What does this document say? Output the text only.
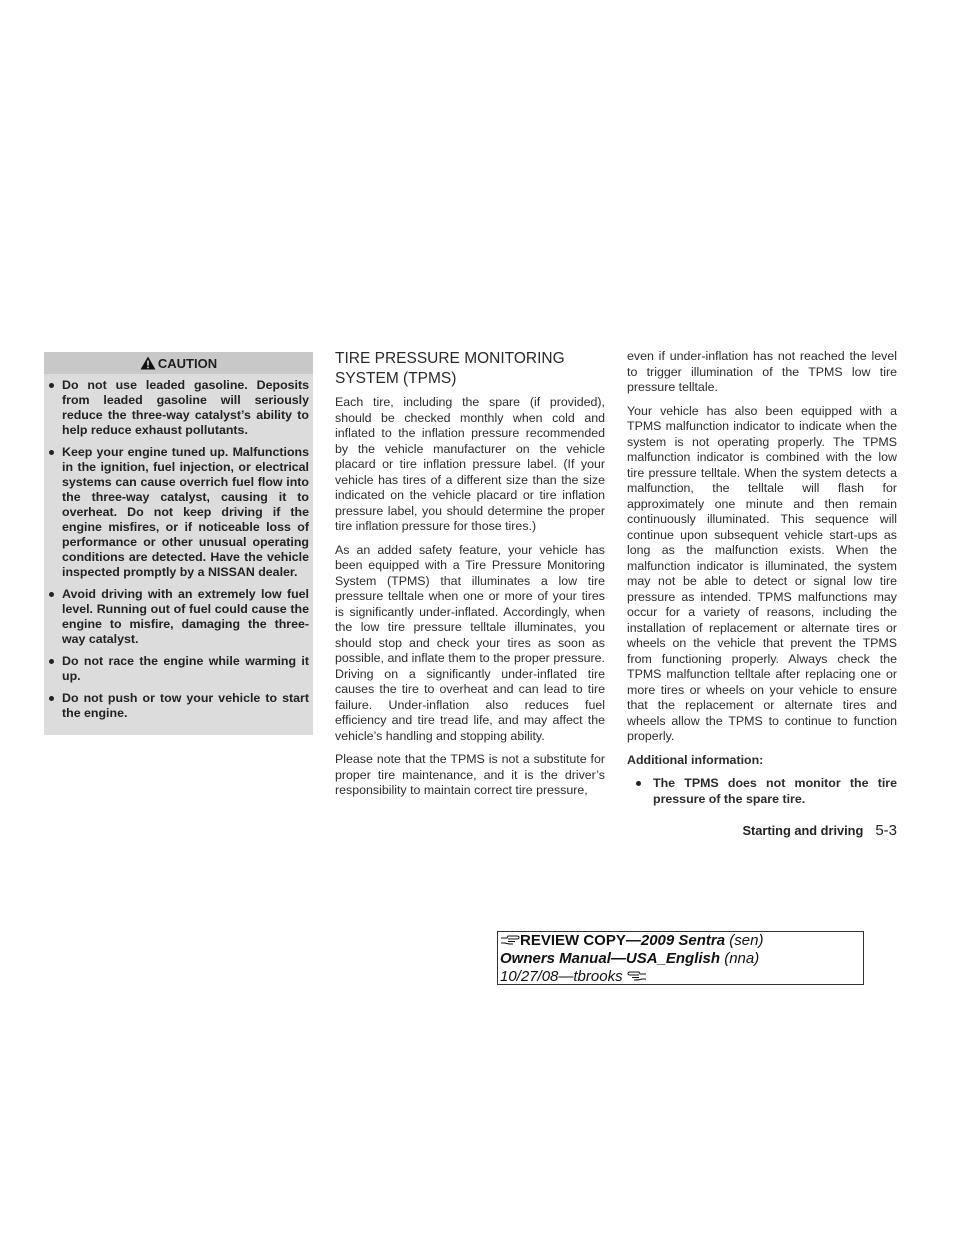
CAUTION
Do not use leaded gasoline. Deposits from leaded gasoline will seriously reduce the three-way catalyst’s ability to help reduce exhaust pollutants.
Keep your engine tuned up. Malfunctions in the ignition, fuel injection, or electrical systems can cause overrich fuel flow into the three-way catalyst, causing it to overheat. Do not keep driving if the engine misfires, or if noticeable loss of performance or other unusual operating conditions are detected. Have the vehicle inspected promptly by a NISSAN dealer.
Avoid driving with an extremely low fuel level. Running out of fuel could cause the engine to misfire, damaging the three-way catalyst.
Do not race the engine while warming it up.
Do not push or tow your vehicle to start the engine.
TIRE PRESSURE MONITORING SYSTEM (TPMS)

Each tire, including the spare (if provided), should be checked monthly when cold and inflated to the inflation pressure recommended by the vehicle manufacturer on the vehicle placard or tire inflation pressure label. (If your vehicle has tires of a different size than the size indicated on the vehicle placard or tire inflation pressure label, you should determine the proper tire inflation pressure for those tires.)

As an added safety feature, your vehicle has been equipped with a Tire Pressure Monitoring System (TPMS) that illuminates a low tire pressure telltale when one or more of your tires is significantly under-inflated. Accordingly, when the low tire pressure telltale illuminates, you should stop and check your tires as soon as possible, and inflate them to the proper pressure. Driving on a significantly under-inflated tire causes the tire to overheat and can lead to tire failure. Under-inflation also reduces fuel efficiency and tire tread life, and may affect the vehicle’s handling and stopping ability.

Please note that the TPMS is not a substitute for proper tire maintenance, and it is the driver’s responsibility to maintain correct tire pressure,

even if under-inflation has not reached the level to trigger illumination of the TPMS low tire pressure telltale.

Your vehicle has also been equipped with a TPMS malfunction indicator to indicate when the system is not operating properly. The TPMS malfunction indicator is combined with the low tire pressure telltale. When the system detects a malfunction, the telltale will flash for approximately one minute and then remain continuously illuminated. This sequence will continue upon subsequent vehicle start-ups as long as the malfunction exists. When the malfunction indicator is illuminated, the system may not be able to detect or signal low tire pressure as intended. TPMS malfunctions may occur for a variety of reasons, including the installation of replacement or alternate tires or wheels on the vehicle that prevent the TPMS from functioning properly. Always check the TPMS malfunction telltale after replacing one or more tires or wheels on your vehicle to ensure that the replacement or alternate tires and wheels allow the TPMS to continue to function properly.

Additional information:

The TPMS does not monitor the tire pressure of the spare tire.
Starting and driving 5-3
REVIEW COPY—2009 Sentra (sen)
Owners Manual—USA_English (nna)
10/27/08—tbrooks
